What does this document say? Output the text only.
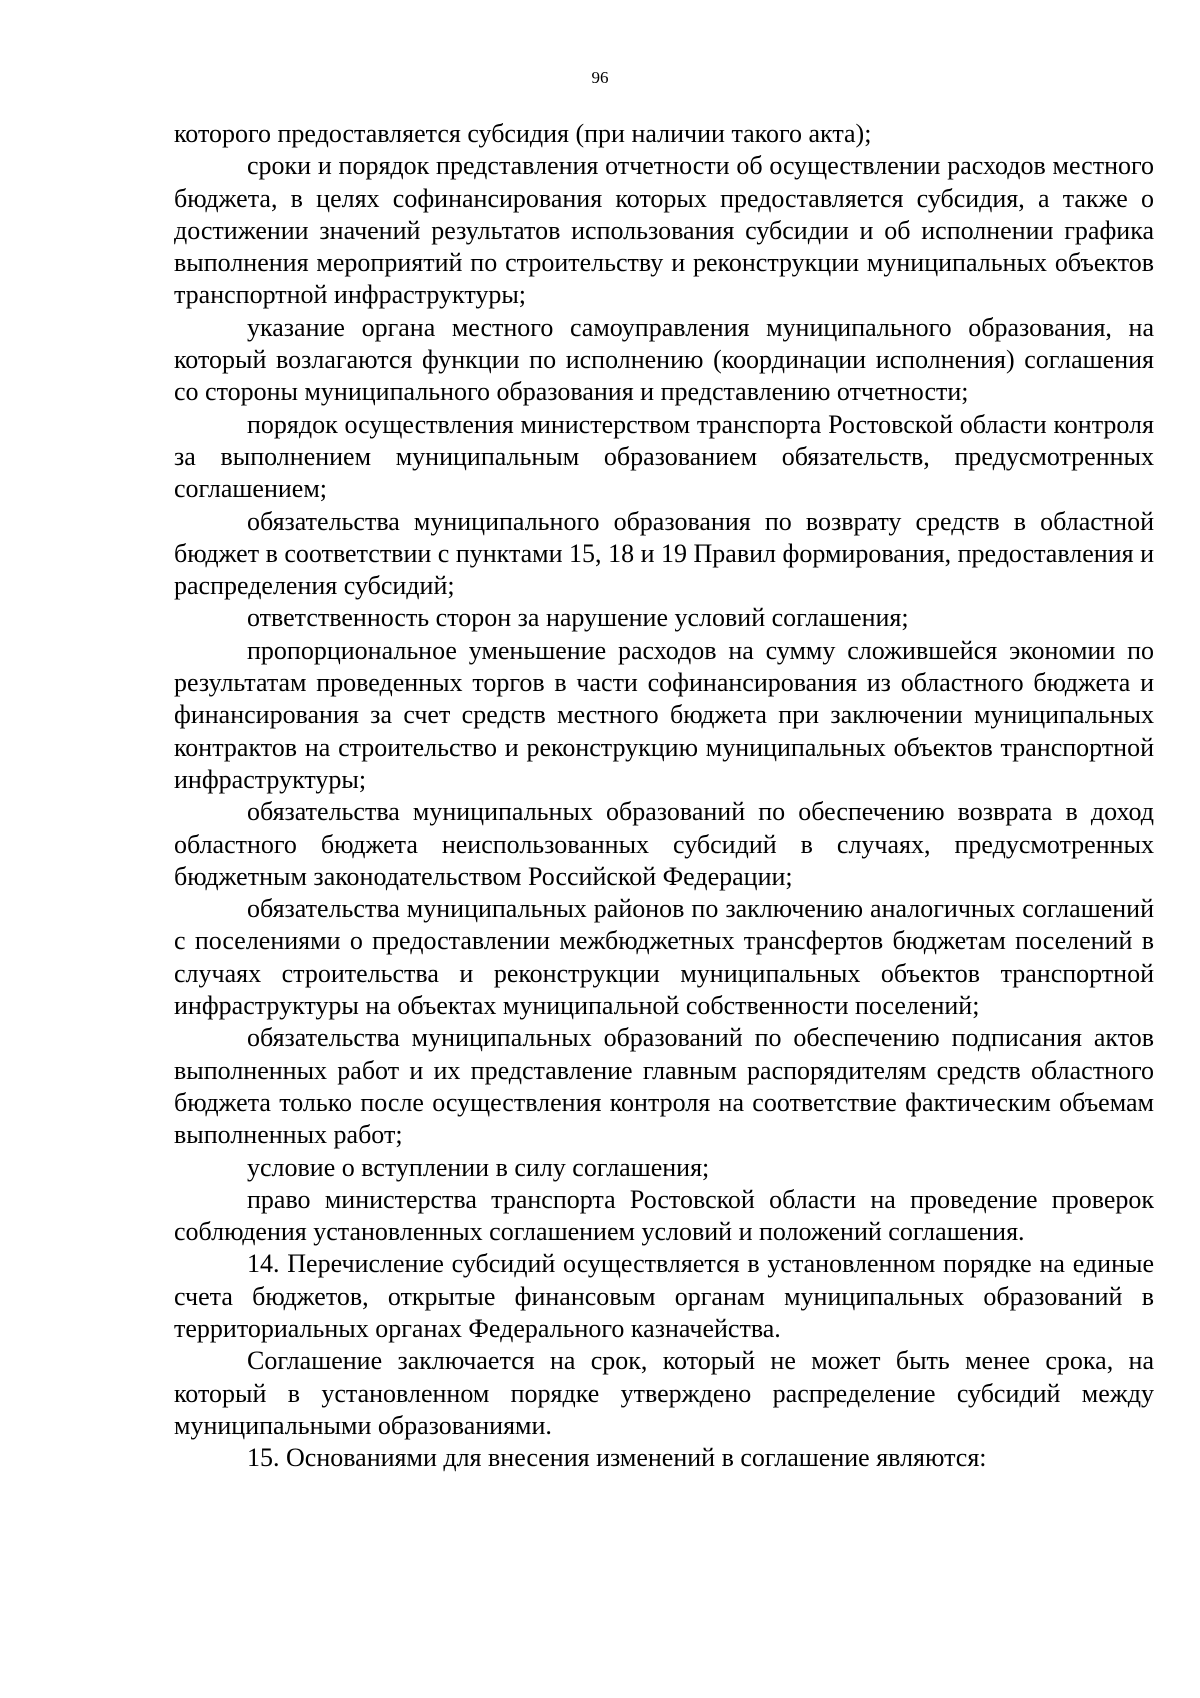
96

которого предоставляется субсидия (при наличии такого акта);

сроки и порядок представления отчетности об осуществлении расходов местного бюджета, в целях софинансирования которых предоставляется субсидия, а также о достижении значений результатов использования субсидии и об исполнении графика выполнения мероприятий по строительству и реконструкции муниципальных объектов транспортной инфраструктуры;

указание органа местного самоуправления муниципального образования, на который возлагаются функции по исполнению (координации исполнения) соглашения со стороны муниципального образования и представлению отчетности;

порядок осуществления министерством транспорта Ростовской области контроля за выполнением муниципальным образованием обязательств, предусмотренных соглашением;

обязательства муниципального образования по возврату средств в областной бюджет в соответствии с пунктами 15, 18 и 19 Правил формирования, предоставления и распределения субсидий;

ответственность сторон за нарушение условий соглашения;

пропорциональное уменьшение расходов на сумму сложившейся экономии по результатам проведенных торгов в части софинансирования из областного бюджета и финансирования за счет средств местного бюджета при заключении муниципальных контрактов на строительство и реконструкцию муниципальных объектов транспортной инфраструктуры;

обязательства муниципальных образований по обеспечению возврата в доход областного бюджета неиспользованных субсидий в случаях, предусмотренных бюджетным законодательством Российской Федерации;

обязательства муниципальных районов по заключению аналогичных соглашений с поселениями о предоставлении межбюджетных трансфертов бюджетам поселений в случаях строительства и реконструкции муниципальных объектов транспортной инфраструктуры на объектах муниципальной собственности поселений;

обязательства муниципальных образований по обеспечению подписания актов выполненных работ и их представление главным распорядителям средств областного бюджета только после осуществления контроля на соответствие фактическим объемам выполненных работ;

условие о вступлении в силу соглашения;

право министерства транспорта Ростовской области на проведение проверок соблюдения установленных соглашением условий и положений соглашения.

14. Перечисление субсидий осуществляется в установленном порядке на единые счета бюджетов, открытые финансовым органам муниципальных образований в территориальных органах Федерального казначейства.

Соглашение заключается на срок, который не может быть менее срока, на который в установленном порядке утверждено распределение субсидий между муниципальными образованиями.

15. Основаниями для внесения изменений в соглашение являются:
